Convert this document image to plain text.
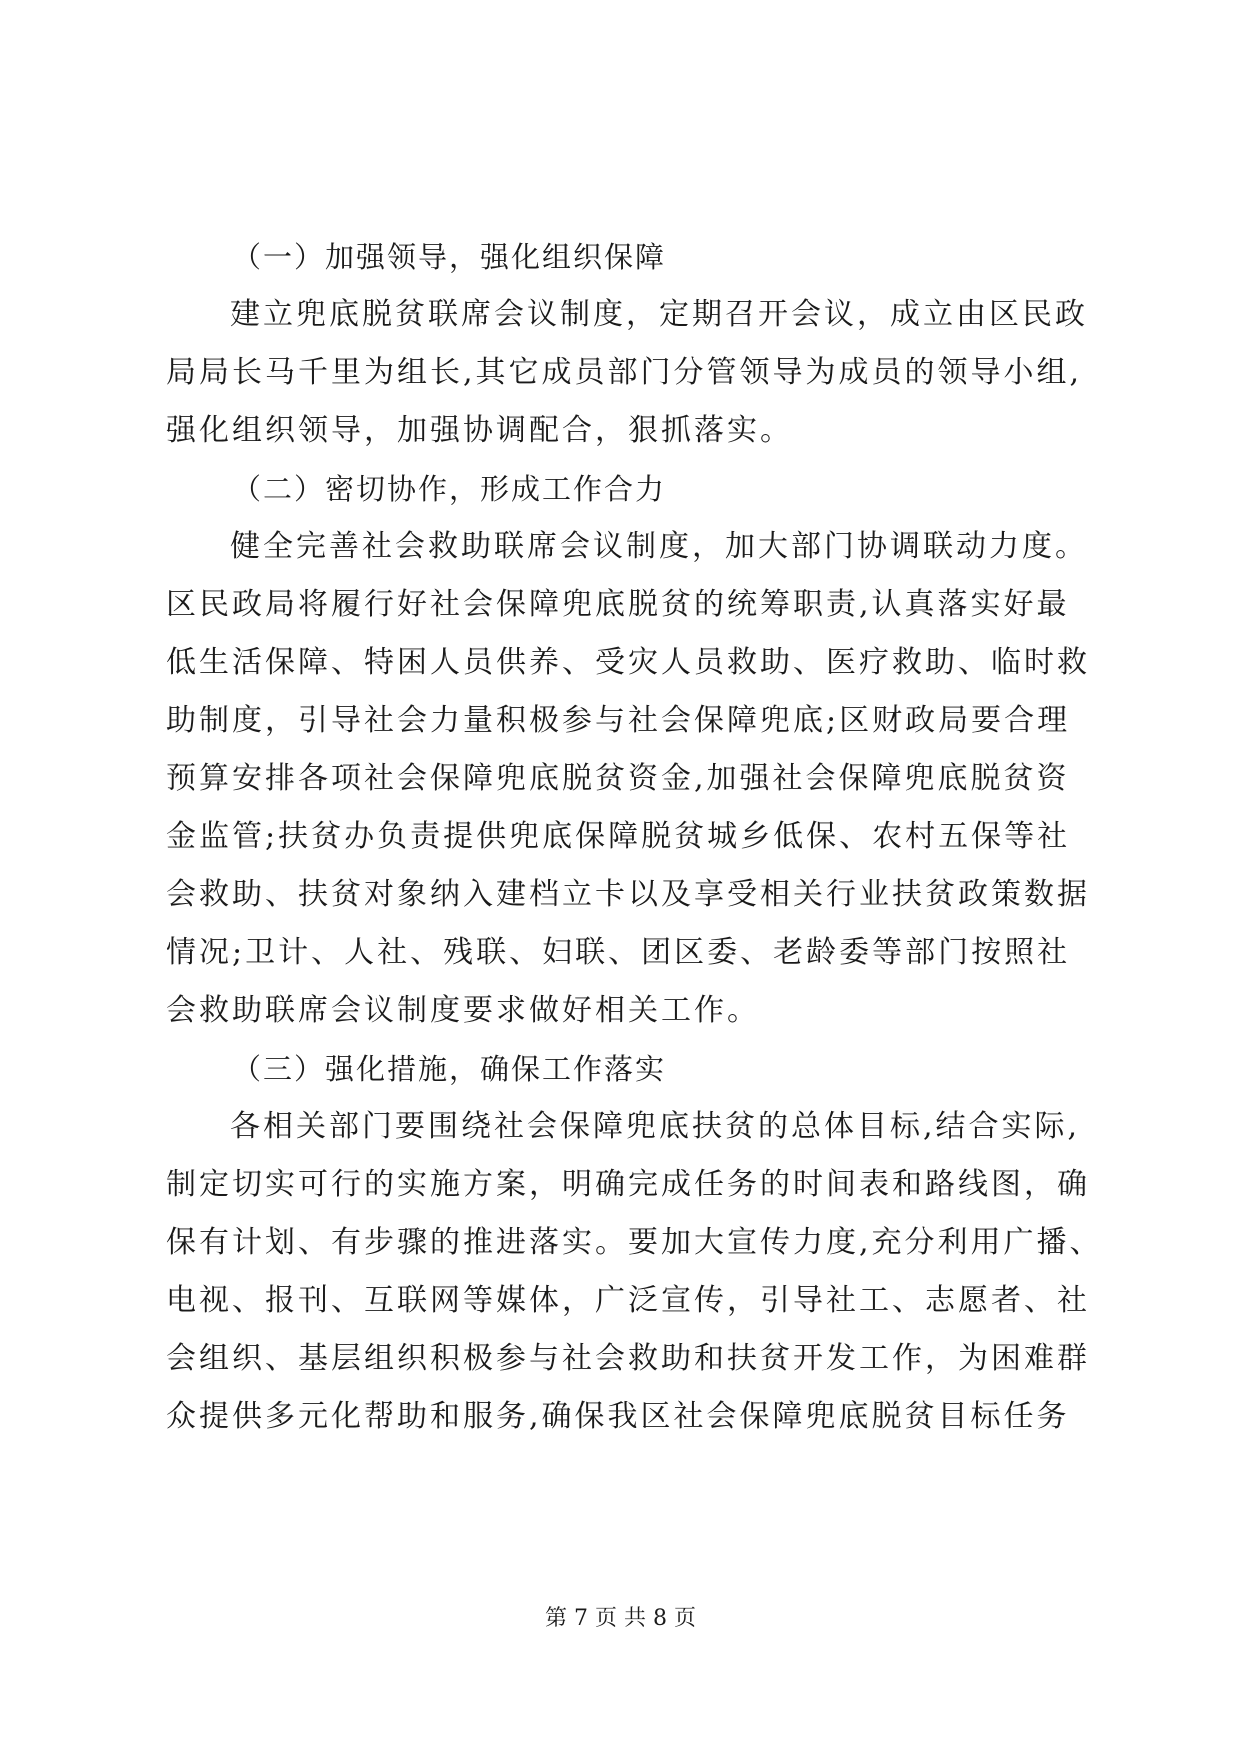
（一）加强领导，强化组织保障
建立兜底脱贫联席会议制度，定期召开会议，成立由区民政
局局长马千里为组长,其它成员部门分管领导为成员的领导小组,
强化组织领导，加强协调配合，狠抓落实。
（二）密切协作，形成工作合力
健全完善社会救助联席会议制度，加大部门协调联动力度。
区民政局将履行好社会保障兜底脱贫的统筹职责,认真落实好最
低生活保障、特困人员供养、受灾人员救助、医疗救助、临时救
助制度，引导社会力量积极参与社会保障兜底;区财政局要合理
预算安排各项社会保障兜底脱贫资金,加强社会保障兜底脱贫资
金监管;扶贫办负责提供兜底保障脱贫城乡低保、农村五保等社
会救助、扶贫对象纳入建档立卡以及享受相关行业扶贫政策数据
情况;卫计、人社、残联、妇联、团区委、老龄委等部门按照社
会救助联席会议制度要求做好相关工作。
（三）强化措施，确保工作落实
各相关部门要围绕社会保障兜底扶贫的总体目标,结合实际,
制定切实可行的实施方案，明确完成任务的时间表和路线图，确
保有计划、有步骤的推进落实。要加大宣传力度,充分利用广播、
电视、报刊、互联网等媒体，广泛宣传，引导社工、志愿者、社
会组织、基层组织积极参与社会救助和扶贫开发工作，为困难群
众提供多元化帮助和服务,确保我区社会保障兜底脱贫目标任务
第 7 页 共 8 页
